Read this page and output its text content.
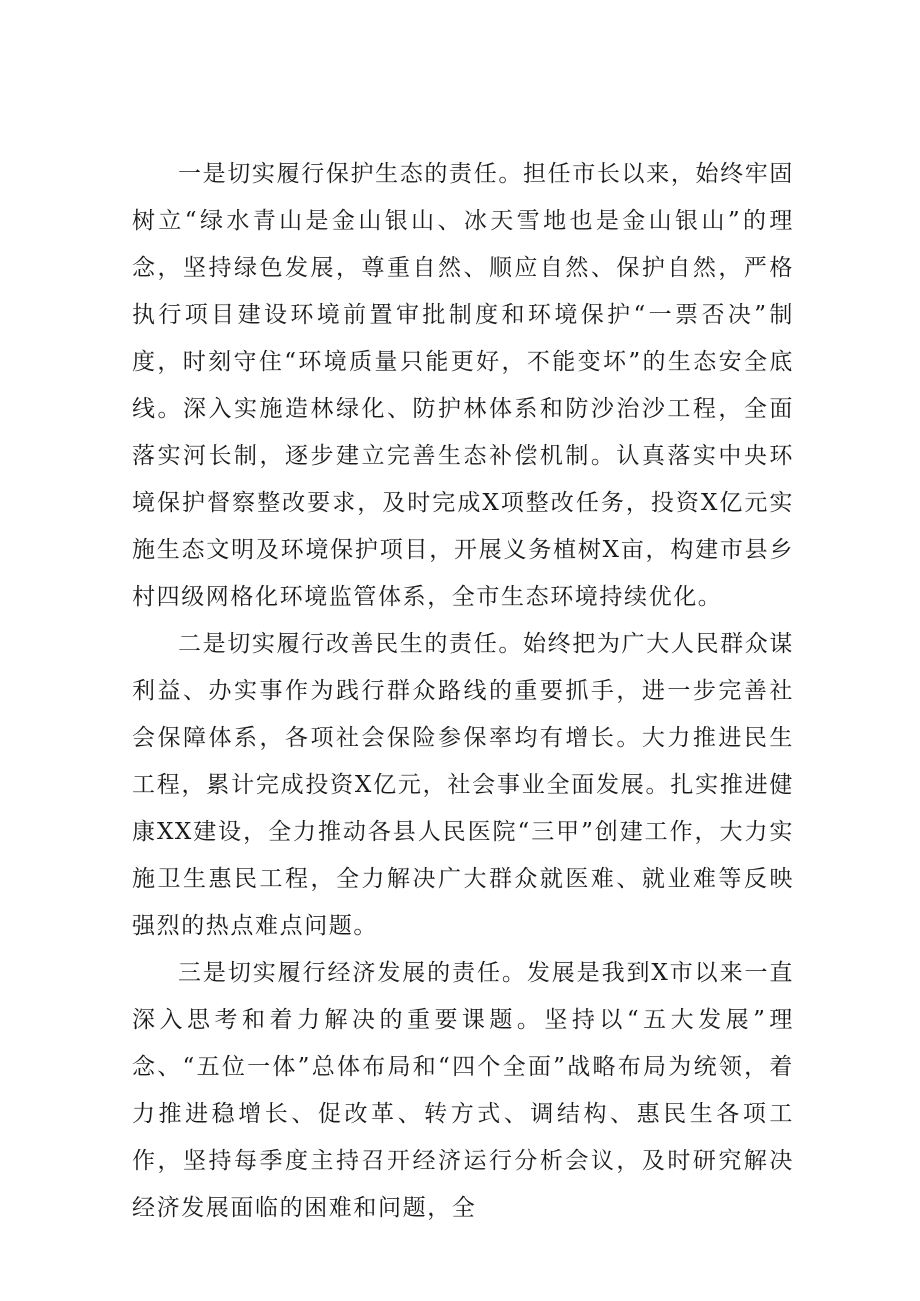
一是切实履行保护生态的责任。担任市长以来，始终牢固树立“绿水青山是金山银山、冰天雪地也是金山银山”的理念，坚持绿色发展，尊重自然、顺应自然、保护自然，严格执行项目建设环境前置审批制度和环境保护“一票否决”制度，时刻守住“环境质量只能更好，不能变坏”的生态安全底线。深入实施造林绿化、防护林体系和防沙治沙工程，全面落实河长制，逐步建立完善生态补偿机制。认真落实中央环境保护督察整改要求，及时完成X项整改任务，投资X亿元实施生态文明及环境保护项目，开展义务植树X亩，构建市县乡村四级网格化环境监管体系，全市生态环境持续优化。

二是切实履行改善民生的责任。始终把为广大人民群众谋利益、办实事作为践行群众路线的重要抓手，进一步完善社会保障体系，各项社会保险参保率均有增长。大力推进民生工程，累计完成投资X亿元，社会事业全面发展。扎实推进健康XX建设，全力推动各县人民医院“三甲”创建工作，大力实施卫生惠民工程，全力解决广大群众就医难、就业难等反映强烈的热点难点问题。

三是切实履行经济发展的责任。发展是我到X市以来一直深入思考和着力解决的重要课题。坚持以“五大发展”理念、“五位一体”总体布局和“四个全面”战略布局为统领，着力推进稳增长、促改革、转方式、调结构、惠民生各项工作，坚持每季度主持召开经济运行分析会议，及时研究解决经济发展面临的困难和问题，全
